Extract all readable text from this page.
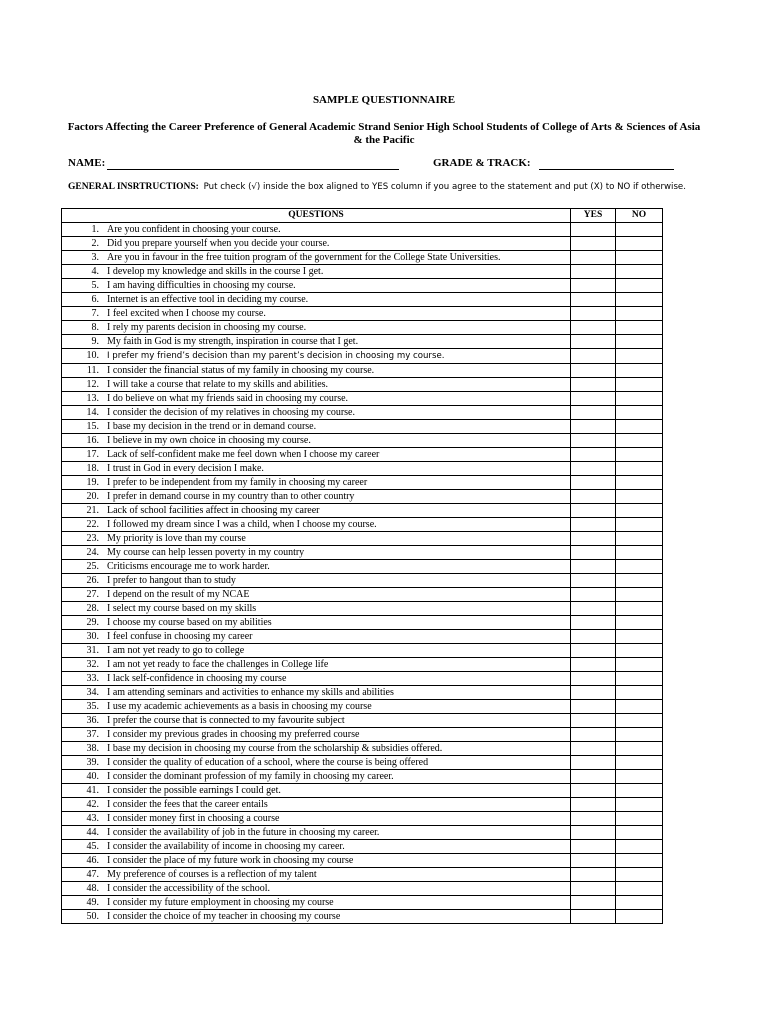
SAMPLE QUESTIONNAIRE
Factors Affecting the Career Preference of General Academic Strand Senior High School Students of College of Arts & Sciences of Asia & the Pacific
NAME:	GRADE & TRACK:
GENERAL INSRTRUCTIONS: Put check (√) inside the box aligned to YES column if you agree to the statement and put (X) to NO if otherwise.
QUESTIONS	YES	NO
1. Are you confident in choosing your course.		
2. Did you prepare yourself when you decide your course.		
3. Are you in favour in the free tuition program of the government for the College State Universities.		
4. I develop my knowledge and skills in the course I get.		
5. I am having difficulties in choosing my course.		
6. Internet is an effective tool in deciding my course.		
7. I feel excited when I choose my course.		
8. I rely my parents decision in choosing my course.		
9. My faith in God is my strength, inspiration in course that I get.		
10. I prefer my friend’s decision than my parent’s decision in choosing my course.		
11. I consider the financial status of my family in choosing my course.		
12. I will take a course that relate to my skills and abilities.		
13. I do believe on what my friends said in choosing my course.		
14. I consider the decision of my relatives in choosing my course.		
15. I base my decision in the trend or in demand course.		
16. I believe in my own choice in choosing my course.		
17. Lack of self-confident make me feel down when I choose my career		
18. I trust in God in every decision I make.		
19. I prefer to be independent from my family in choosing my career		
20. I prefer in demand course in my country than to other country		
21. Lack of school facilities affect in choosing my career		
22. I followed my dream since I was a child, when I choose my course.		
23. My priority is love than my course		
24. My course can help lessen poverty in my country		
25. Criticisms encourage me to work harder.		
26. I prefer to hangout than to study		
27. I depend on the result of my NCAE		
28. I select my course based on my skills		
29. I choose my course based on my abilities		
30. I feel confuse in choosing my career		
31. I am not yet ready to go to college		
32. I am not yet ready to face the challenges in College life		
33. I lack self-confidence in choosing my course		
34. I am attending seminars and activities to enhance my skills and abilities		
35. I use my academic achievements as a basis in choosing my course		
36. I prefer the course that is connected to my favourite subject		
37. I consider my previous grades in choosing my preferred course		
38. I base my decision in choosing my course from the scholarship & subsidies offered.		
39. I consider the quality of education of a school, where the course is being offered		
40. I consider the dominant profession of my family in choosing my career.		
41. I consider the possible earnings I could get.		
42. I consider the fees that the career entails		
43. I consider money first in choosing a course		
44. I consider the availability of job in the future in choosing my career.		
45. I consider the availability of income in choosing my career.		
46. I consider the place of my future work in choosing my course		
47. My preference of courses is a reflection of my talent		
48. I consider the accessibility of the school.		
49. I consider my future employment in choosing my course		
50. I consider the choice of my teacher in choosing my course		
